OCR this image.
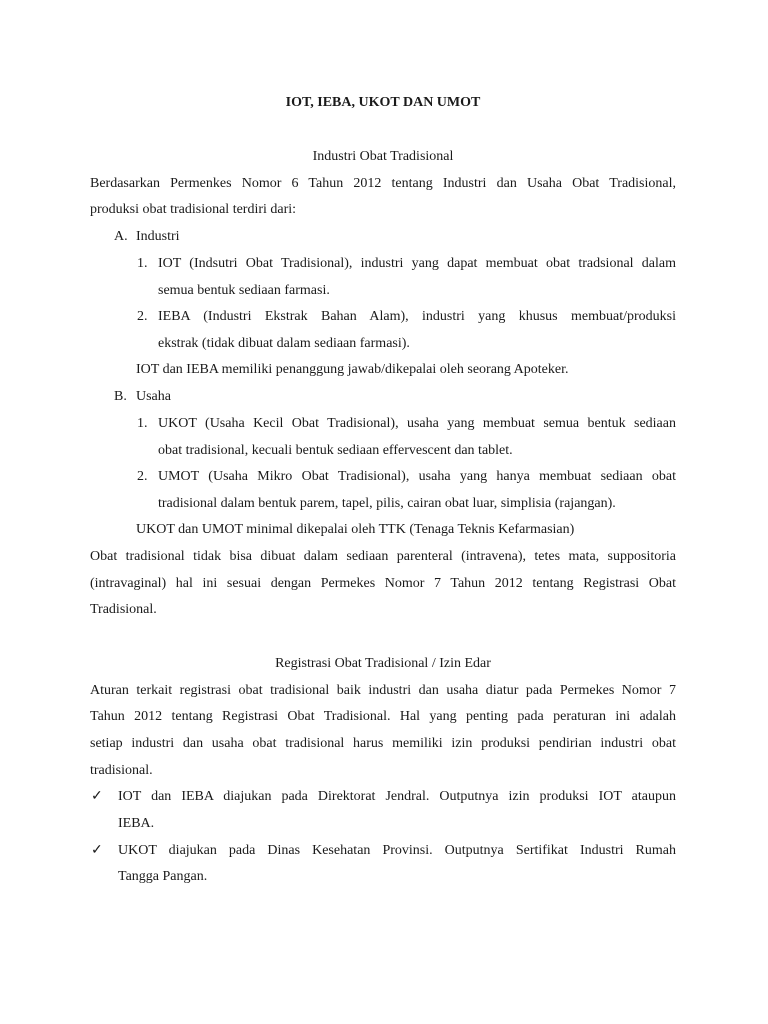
IOT, IEBA, UKOT DAN UMOT
Industri Obat Tradisional
Berdasarkan Permenkes Nomor 6 Tahun 2012 tentang Industri dan Usaha Obat Tradisional,
produksi obat tradisional terdiri dari:
A. Industri
1. IOT (Indsutri Obat Tradisional), industri yang dapat membuat obat tradsional dalam
semua bentuk sediaan farmasi.
2. IEBA (Industri Ekstrak Bahan Alam), industri yang khusus membuat/produksi
ekstrak (tidak dibuat dalam sediaan farmasi).
IOT dan IEBA memiliki penanggung jawab/dikepalai oleh seorang Apoteker.
B. Usaha
1. UKOT (Usaha Kecil Obat Tradisional), usaha yang membuat semua bentuk sediaan
obat tradisional, kecuali bentuk sediaan effervescent dan tablet.
2. UMOT (Usaha Mikro Obat Tradisional), usaha yang hanya membuat sediaan obat
tradisional dalam bentuk parem, tapel, pilis, cairan obat luar, simplisia (rajangan).
UKOT dan UMOT minimal dikepalai oleh TTK (Tenaga Teknis Kefarmasian)
Obat tradisional tidak bisa dibuat dalam sediaan parenteral (intravena), tetes mata, suppositoria
(intravaginal) hal ini sesuai dengan Permekes Nomor 7 Tahun 2012 tentang Registrasi Obat
Tradisional.
Registrasi Obat Tradisional / Izin Edar
Aturan terkait registrasi obat tradisional baik industri dan usaha diatur pada Permekes Nomor 7
Tahun 2012 tentang Registrasi Obat Tradisional. Hal yang penting pada peraturan ini adalah
setiap industri dan usaha obat tradisional harus memiliki izin produksi pendirian industri obat
tradisional.
✓ IOT dan IEBA diajukan pada Direktorat Jendral. Outputnya izin produksi IOT ataupun
IEBA.
✓ UKOT diajukan pada Dinas Kesehatan Provinsi. Outputnya Sertifikat Industri Rumah
Tangga Pangan.
